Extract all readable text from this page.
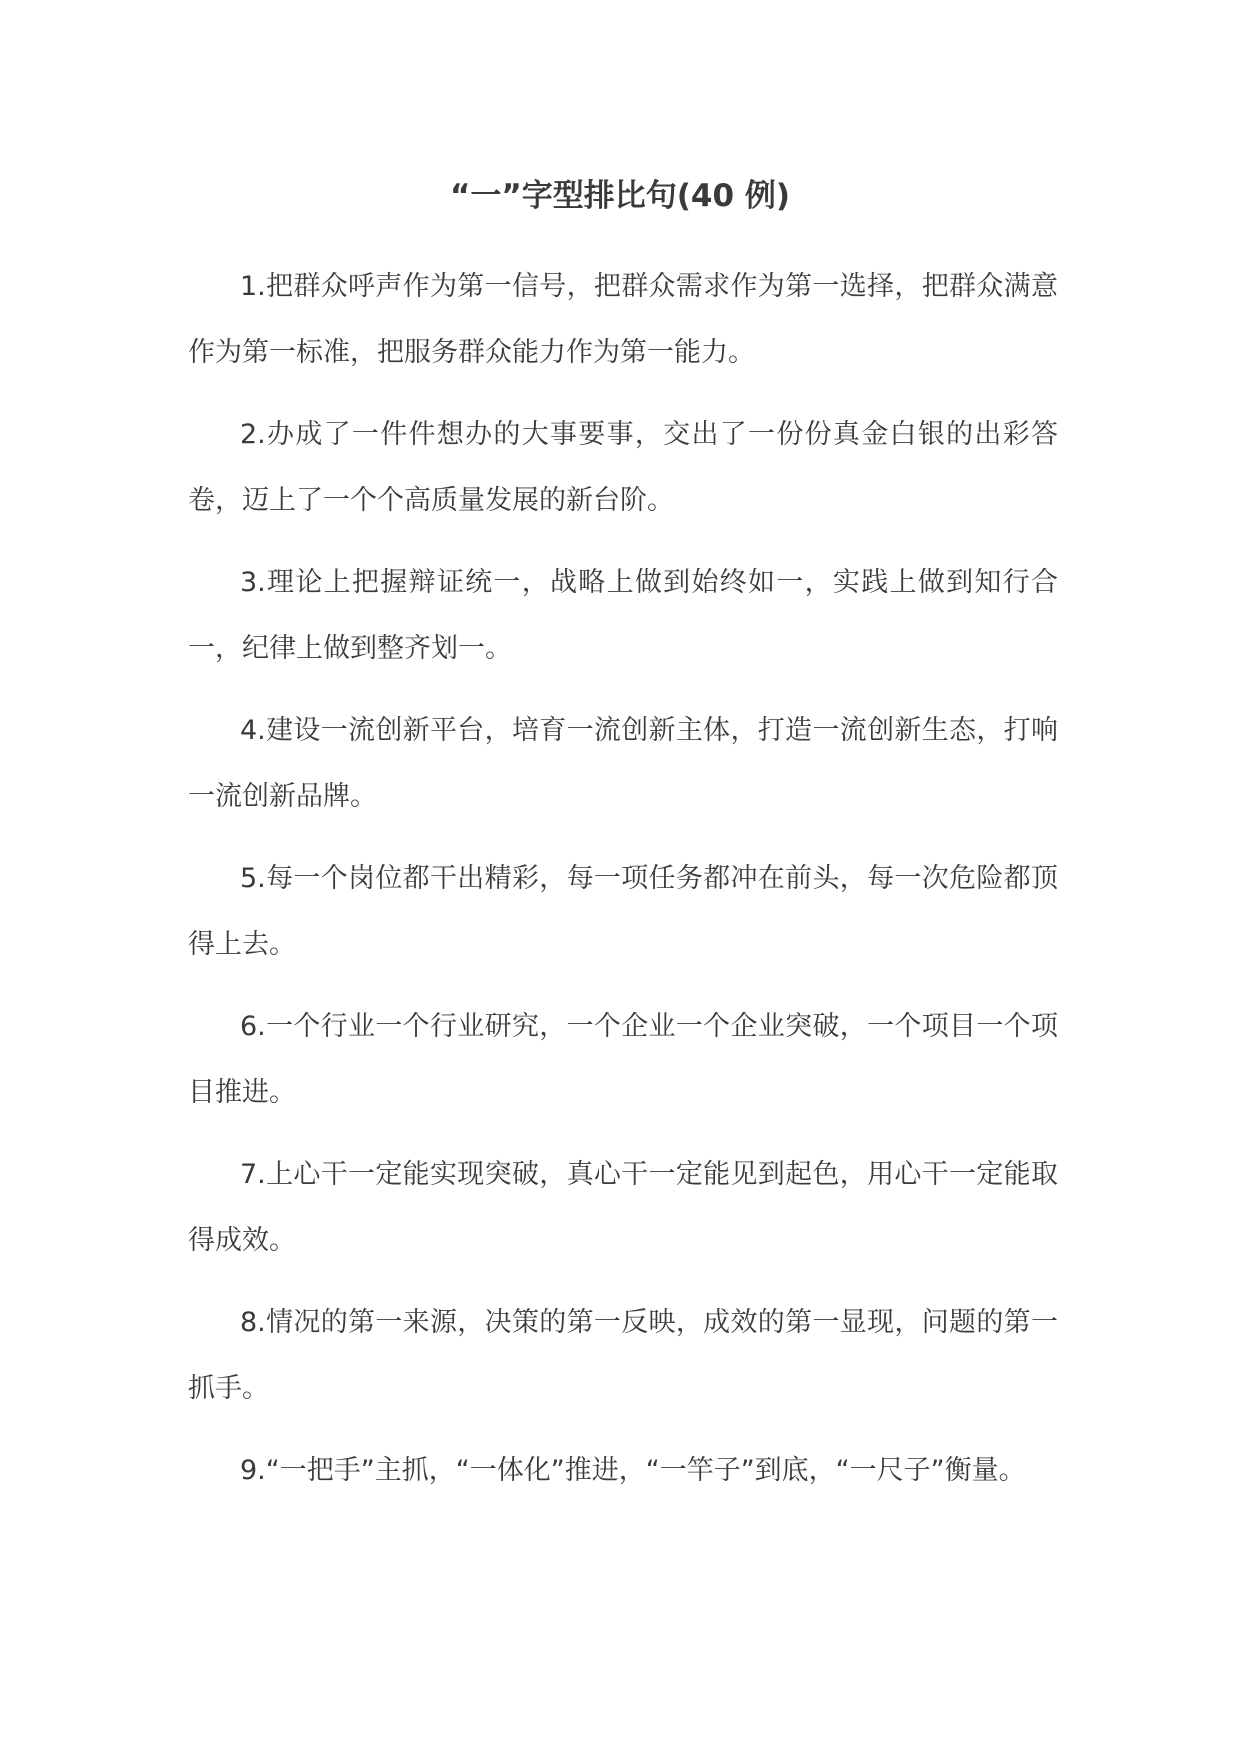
“一”字型排比句(40 例)

1.把群众呼声作为第一信号，把群众需求作为第一选择，把群众满意作为第一标准，把服务群众能力作为第一能力。

2.办成了一件件想办的大事要事，交出了一份份真金白银的出彩答卷，迈上了一个个高质量发展的新台阶。

3.理论上把握辩证统一，战略上做到始终如一，实践上做到知行合一，纪律上做到整齐划一。

4.建设一流创新平台，培育一流创新主体，打造一流创新生态，打响一流创新品牌。

5.每一个岗位都干出精彩，每一项任务都冲在前头，每一次危险都顶得上去。

6.一个行业一个行业研究，一个企业一个企业突破，一个项目一个项目推进。

7.上心干一定能实现突破，真心干一定能见到起色，用心干一定能取得成效。

8.情况的第一来源，决策的第一反映，成效的第一显现，问题的第一抓手。

9.“一把手”主抓，“一体化”推进，“一竿子”到底，“一尺子”衡量。
